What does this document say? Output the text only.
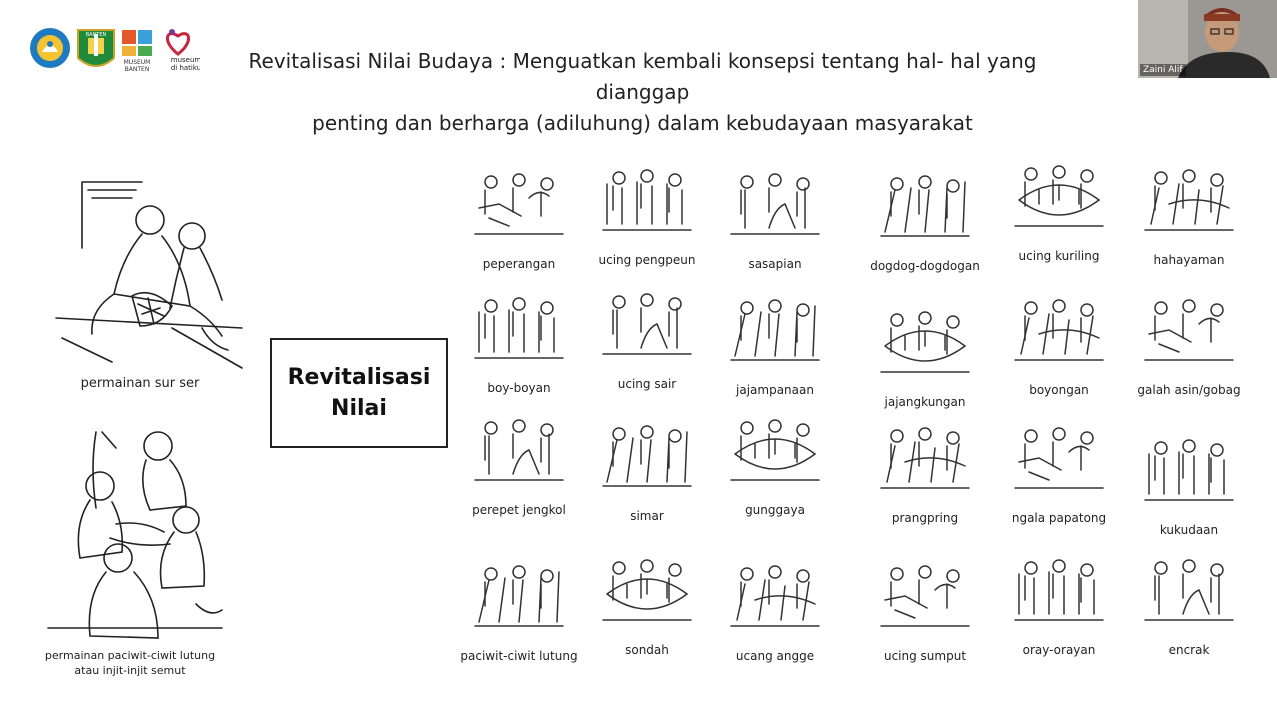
BANTEN
MUSEUM
BANTEN
museum
di hatiku	Revitalisasi Nilai Budaya : Menguatkan kembali konsepsi tentang hal- hal yang dianggap
penting dan berharga (adiluhung) dalam kebudayaan masyarakat
Zaini Alif
permainan sur ser
permainan paciwit-ciwit lutung
atau injit-injit semut
Revitalisasi
Nilai
peperangan	ucing pengpeun	sasapian	dogdog-dogdogan
ucing kuriling	hahayaman
boy-boyan	ucing sair	jajampanaan
jajangkungan
boyongan	galah asin/gobag
perepet jengkol	simar	gunggaya
prangpring	ngala papatong
kukudaan
paciwit-ciwit lutung	sondah	ucang angge	ucing sumput	oray-orayan	encrak
